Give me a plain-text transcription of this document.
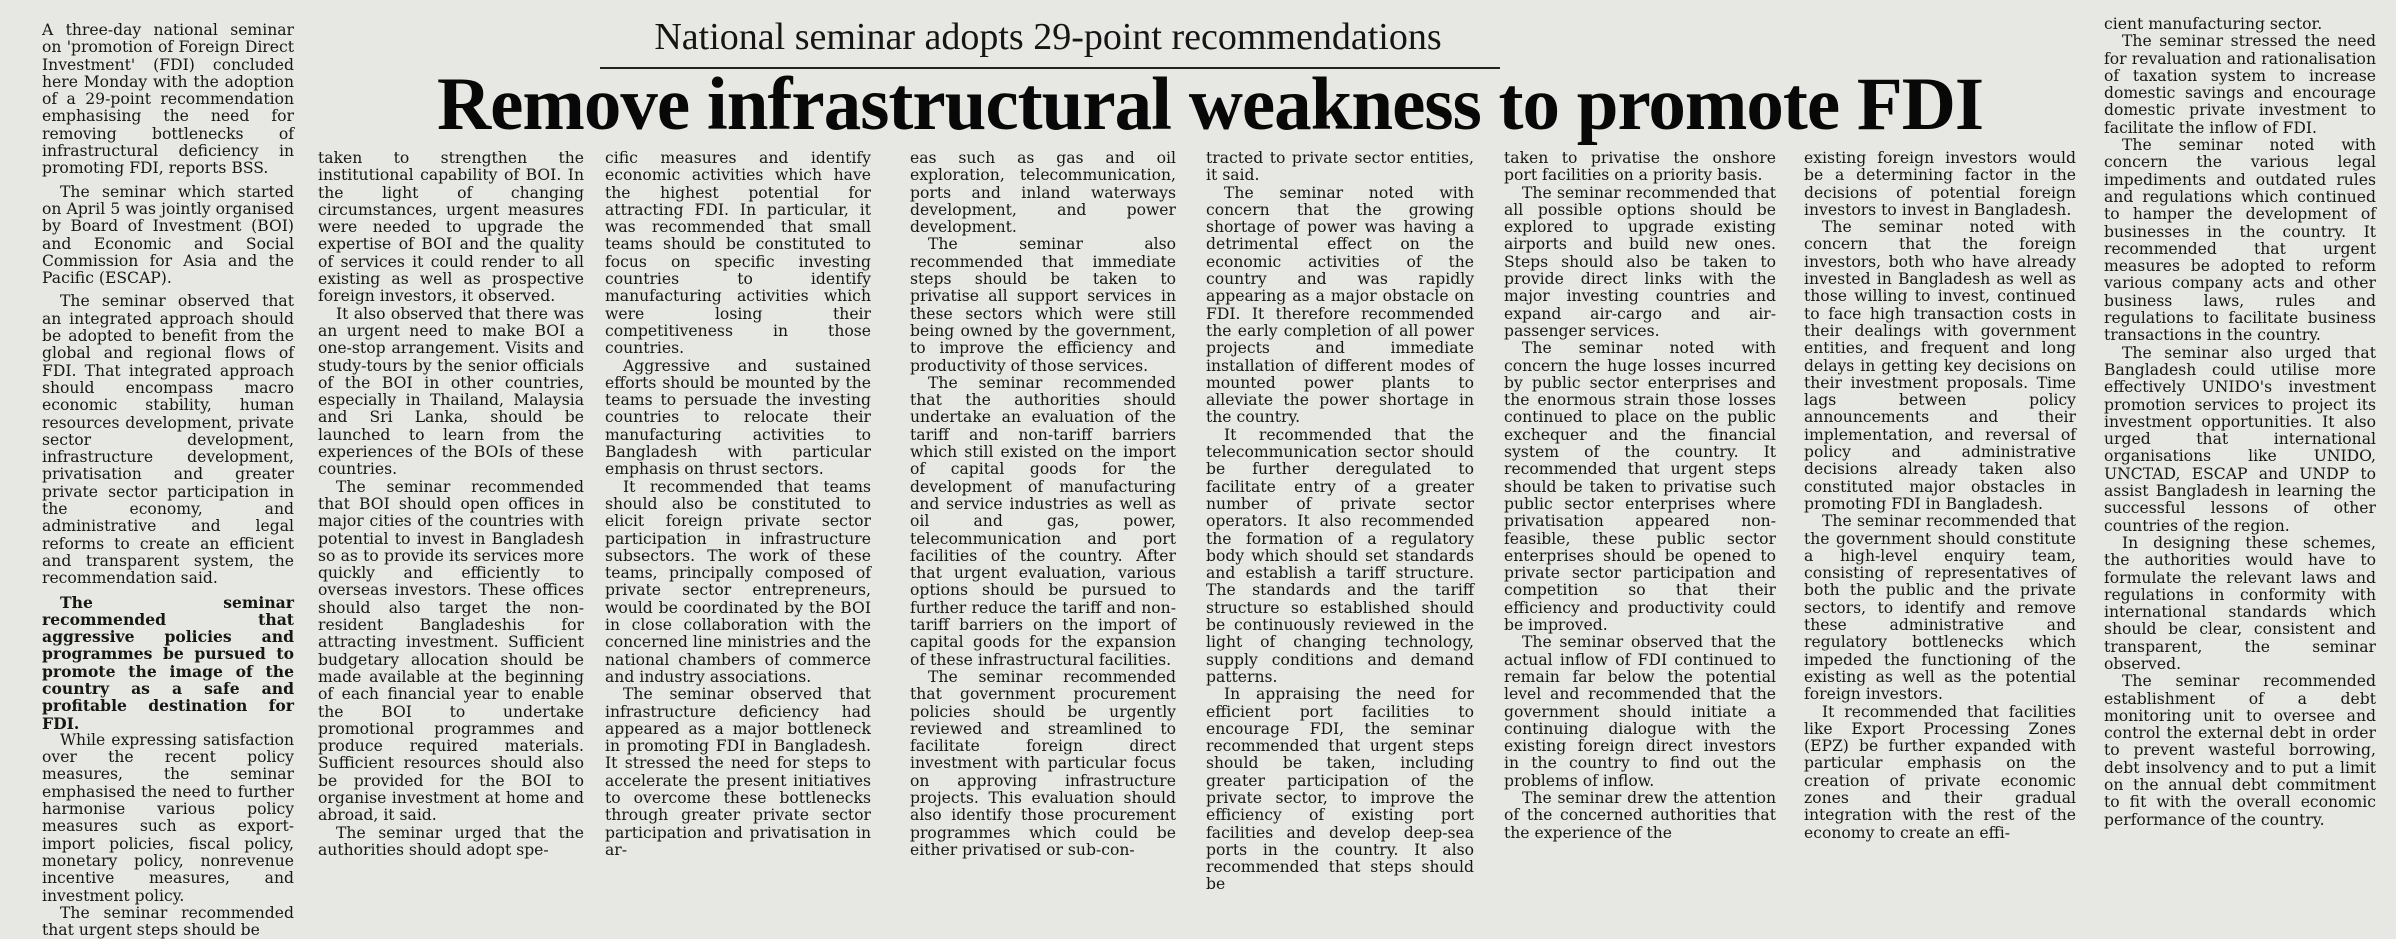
National seminar adopts 29-point recommendations
Remove infrastructural weakness to promote FDI

A three-day national seminar on 'promotion of Foreign Direct Investment' (FDI) concluded here Monday with the adoption of a 29-point recommendation emphasising the need for removing bottlenecks of infrastructural deficiency in promoting FDI, reports BSS.

The seminar which started on April 5 was jointly organised by Board of Investment (BOI) and Economic and Social Commission for Asia and the Pacific (ESCAP).

The seminar observed that an integrated approach should be adopted to benefit from the global and regional flows of FDI. That integrated approach should encompass macro economic stability, human resources development, private sector development, infrastructure development, privatisation and greater private sector participation in the economy, and administrative and legal reforms to create an efficient and transparent system, the recommendation said.

The seminar recommended that aggressive policies and programmes be pursued to promote the image of the country as a safe and profitable destination for FDI.

While expressing satisfaction over the recent policy measures, the seminar emphasised the need to further harmonise various policy measures such as export-import policies, fiscal policy, monetary policy, nonrevenue incentive measures, and investment policy.

The seminar recommended that urgent steps should be

taken to strengthen the institutional capability of BOI. In the light of changing circumstances, urgent measures were needed to upgrade the expertise of BOI and the quality of services it could render to all existing as well as prospective foreign investors, it observed.

It also observed that there was an urgent need to make BOI a one-stop arrangement. Visits and study-tours by the senior officials of the BOI in other countries, especially in Thailand, Malaysia and Sri Lanka, should be launched to learn from the experiences of the BOIs of these countries.

The seminar recommended that BOI should open offices in major cities of the countries with potential to invest in Bangladesh so as to provide its services more quickly and efficiently to overseas investors. These offices should also target the non-resident Bangladeshis for attracting investment. Sufficient budgetary allocation should be made available at the beginning of each financial year to enable the BOI to undertake promotional programmes and produce required materials. Sufficient resources should also be provided for the BOI to organise investment at home and abroad, it said.

The seminar urged that the authorities should adopt spe-

cific measures and identify economic activities which have the highest potential for attracting FDI. In particular, it was recommended that small teams should be constituted to focus on specific investing countries to identify manufacturing activities which were losing their competitiveness in those countries.

Aggressive and sustained efforts should be mounted by the teams to persuade the investing countries to relocate their manufacturing activities to Bangladesh with particular emphasis on thrust sectors.

It recommended that teams should also be constituted to elicit foreign private sector participation in infrastructure subsectors. The work of these teams, principally composed of private sector entrepreneurs, would be coordinated by the BOI in close collaboration with the concerned line ministries and the national chambers of commerce and industry associations.

The seminar observed that infrastructure deficiency had appeared as a major bottleneck in promoting FDI in Bangladesh. It stressed the need for steps to accelerate the present initiatives to overcome these bottlenecks through greater private sector participation and privatisation in ar-

eas such as gas and oil exploration, telecommunication, ports and inland waterways development, and power development.

The seminar also recommended that immediate steps should be taken to privatise all support services in these sectors which were still being owned by the government, to improve the efficiency and productivity of those services.

The seminar recommended that the authorities should undertake an evaluation of the tariff and non-tariff barriers which still existed on the import of capital goods for the development of manufacturing and service industries as well as oil and gas, power, telecommunication and port facilities of the country. After that urgent evaluation, various options should be pursued to further reduce the tariff and non-tariff barriers on the import of capital goods for the expansion of these infrastructural facilities.

The seminar recommended that government procurement policies should be urgently reviewed and streamlined to facilitate foreign direct investment with particular focus on approving infrastructure projects. This evaluation should also identify those procurement programmes which could be either privatised or sub-con-

tracted to private sector entities, it said.

The seminar noted with concern that the growing shortage of power was having a detrimental effect on the economic activities of the country and was rapidly appearing as a major obstacle on FDI. It therefore recommended the early completion of all power projects and immediate installation of different modes of mounted power plants to alleviate the power shortage in the country.

It recommended that the telecommunication sector should be further deregulated to facilitate entry of a greater number of private sector operators. It also recommended the formation of a regulatory body which should set standards and establish a tariff structure. The standards and the tariff structure so established should be continuously reviewed in the light of changing technology, supply conditions and demand patterns.

In appraising the need for efficient port facilities to encourage FDI, the seminar recommended that urgent steps should be taken, including greater participation of the private sector, to improve the efficiency of existing port facilities and develop deep-sea ports in the country. It also recommended that steps should be

taken to privatise the onshore port facilities on a priority basis.

The seminar recommended that all possible options should be explored to upgrade existing airports and build new ones. Steps should also be taken to provide direct links with the major investing countries and expand air-cargo and air-passenger services.

The seminar noted with concern the huge losses incurred by public sector enterprises and the enormous strain those losses continued to place on the public exchequer and the financial system of the country. It recommended that urgent steps should be taken to privatise such public sector enterprises where privatisation appeared non-feasible, these public sector enterprises should be opened to private sector participation and competition so that their efficiency and productivity could be improved.

The seminar observed that the actual inflow of FDI continued to remain far below the potential level and recommended that the government should initiate a continuing dialogue with the existing foreign direct investors in the country to find out the problems of inflow.

The seminar drew the attention of the concerned authorities that the experience of the

existing foreign investors would be a determining factor in the decisions of potential foreign investors to invest in Bangladesh.

The seminar noted with concern that the foreign investors, both who have already invested in Bangladesh as well as those willing to invest, continued to face high transaction costs in their dealings with government entities, and frequent and long delays in getting key decisions on their investment proposals. Time lags between policy announcements and their implementation, and reversal of policy and administrative decisions already taken also constituted major obstacles in promoting FDI in Bangladesh.

The seminar recommended that the government should constitute a high-level enquiry team, consisting of representatives of both the public and the private sectors, to identify and remove these administrative and regulatory bottlenecks which impeded the functioning of the existing as well as the potential foreign investors.

It recommended that facilities like Export Processing Zones (EPZ) be further expanded with particular emphasis on the creation of private economic zones and their gradual integration with the rest of the economy to create an effi-

cient manufacturing sector.

The seminar stressed the need for revaluation and rationalisation of taxation system to increase domestic savings and encourage domestic private investment to facilitate the inflow of FDI.

The seminar noted with concern the various legal impediments and outdated rules and regulations which continued to hamper the development of businesses in the country. It recommended that urgent measures be adopted to reform various company acts and other business laws, rules and regulations to facilitate business transactions in the country.

The seminar also urged that Bangladesh could utilise more effectively UNIDO's investment promotion services to project its investment opportunities. It also urged that international organisations like UNIDO, UNCTAD, ESCAP and UNDP to assist Bangladesh in learning the successful lessons of other countries of the region.

In designing these schemes, the authorities would have to formulate the relevant laws and regulations in conformity with international standards which should be clear, consistent and transparent, the seminar observed.

The seminar recommended establishment of a debt monitoring unit to oversee and control the external debt in order to prevent wasteful borrowing, debt insolvency and to put a limit on the annual debt commitment to fit with the overall economic performance of the country.
